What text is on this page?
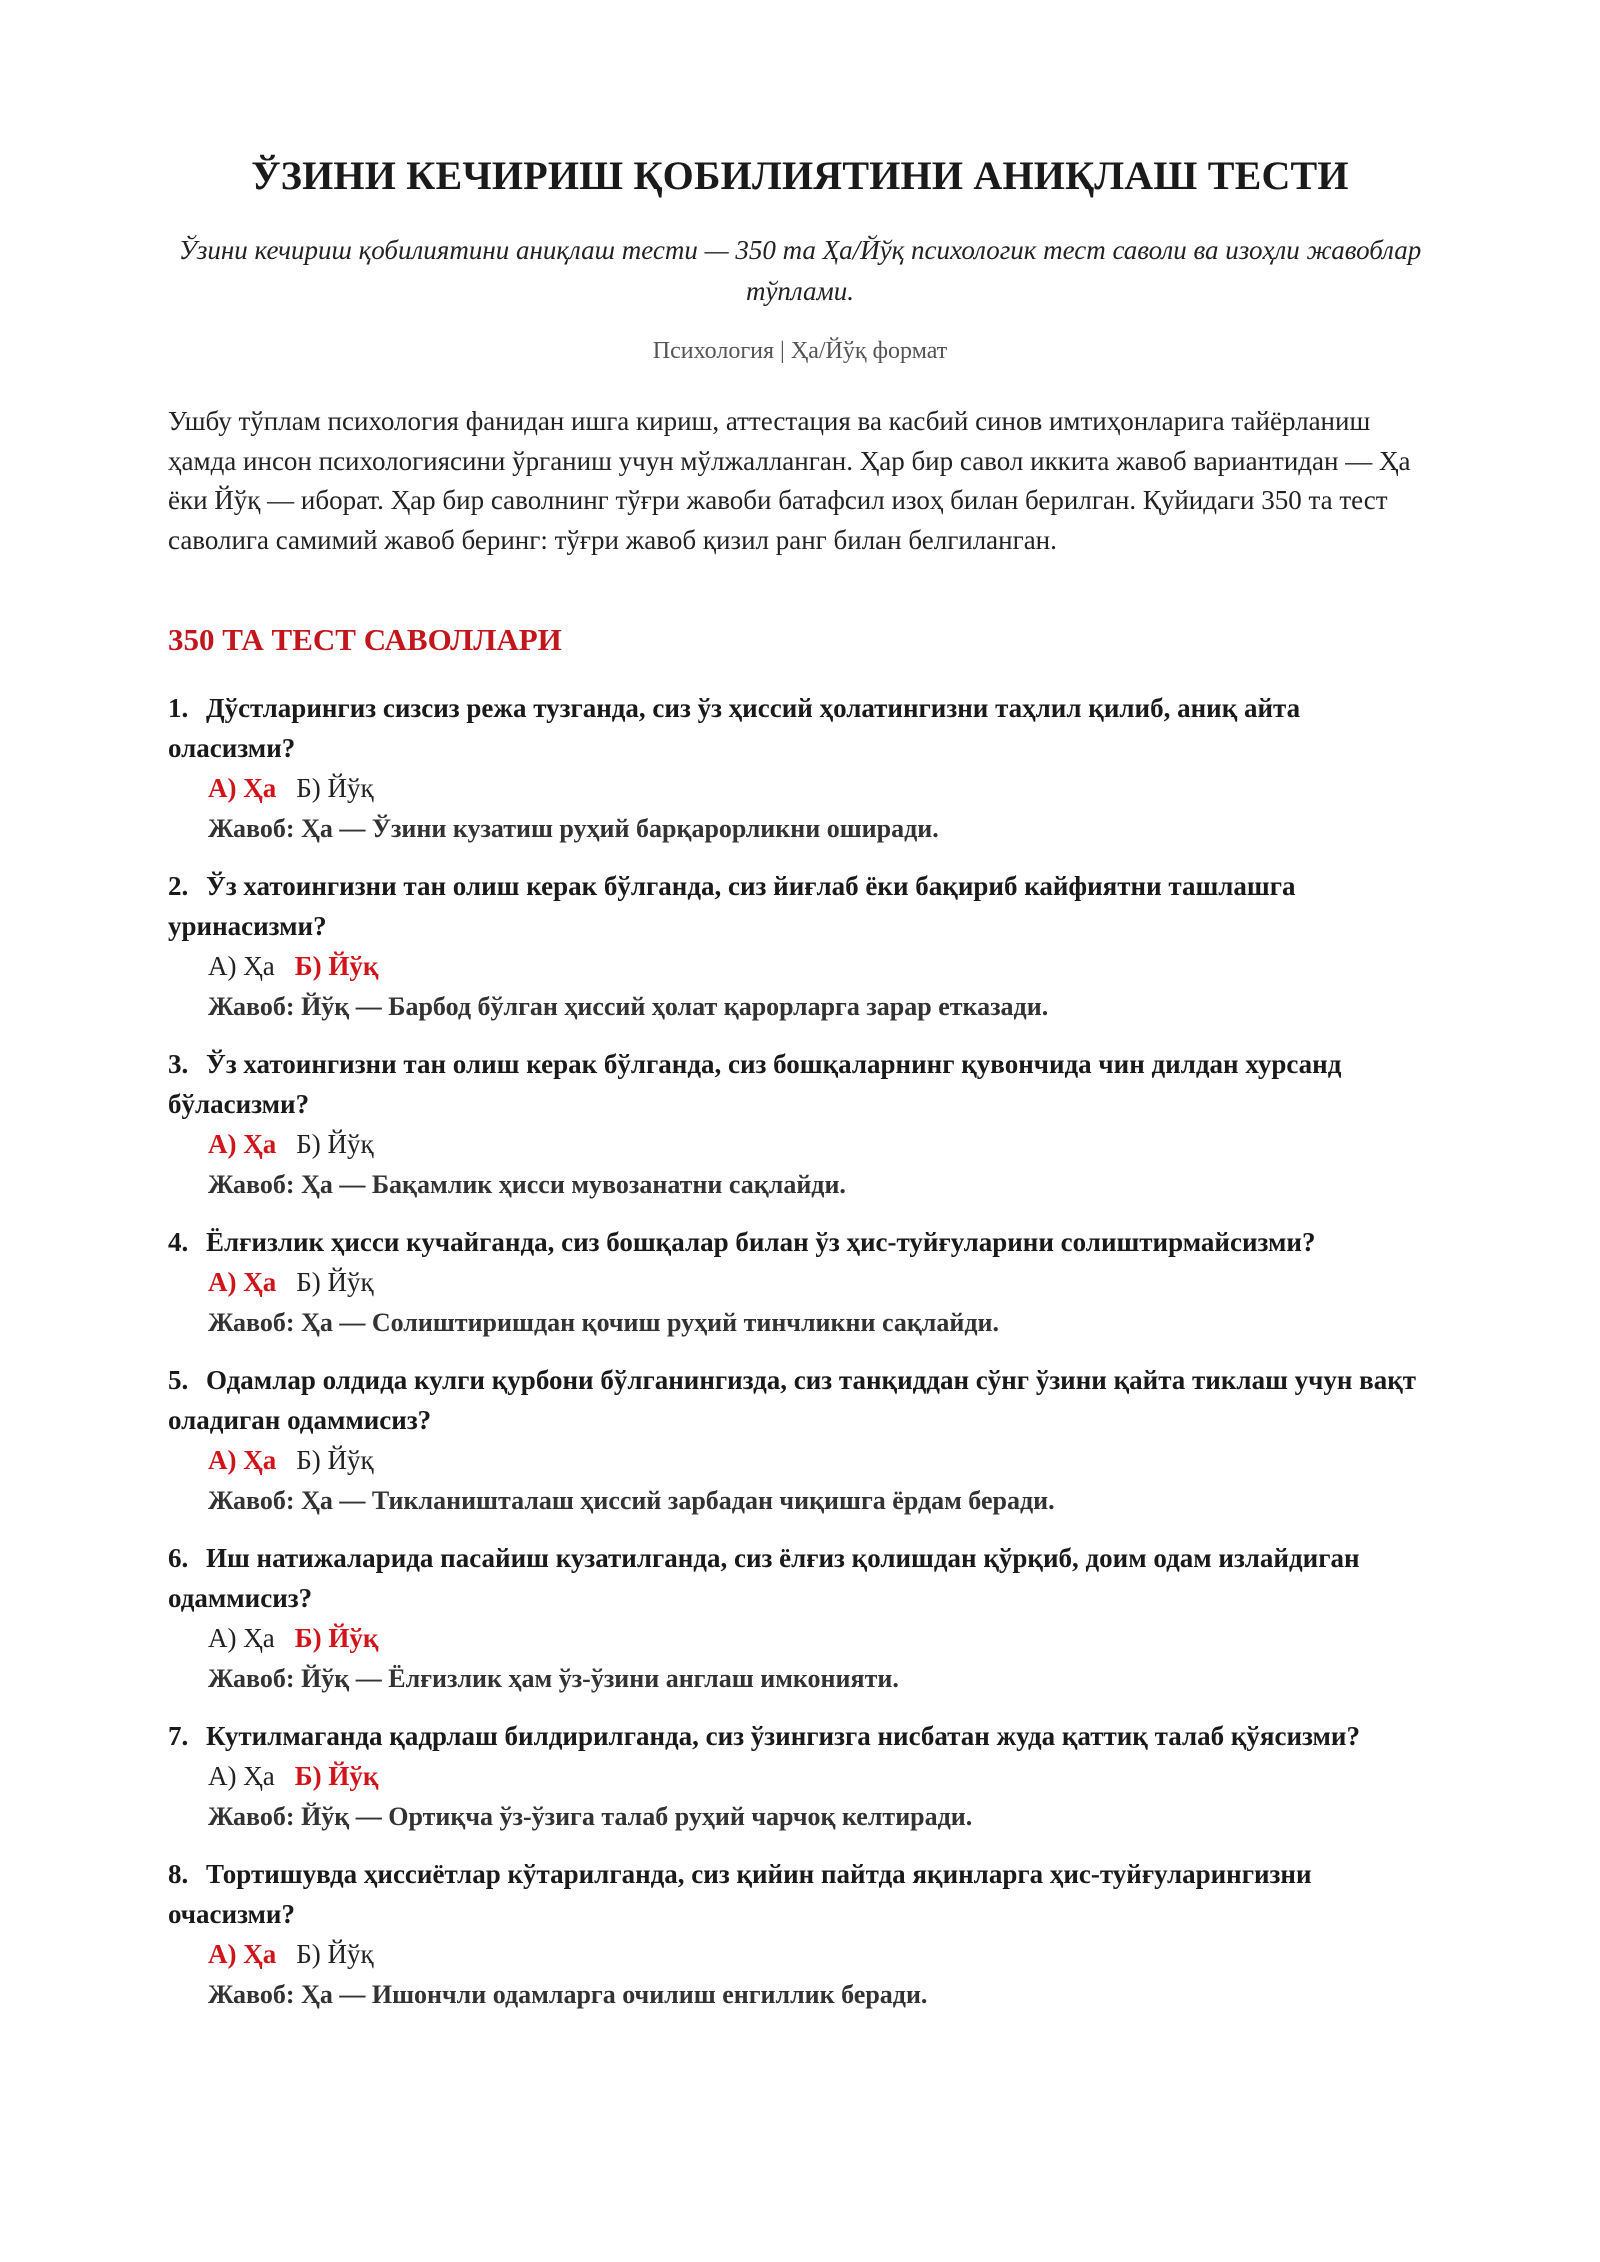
ЎЗИНИ КЕЧИРИШ ҚОБИЛИЯТИНИ АНИҚЛАШ ТЕСТИ

Ўзини кечириш қобилиятини аниқлаш тести — 350 та Ҳа/Йўқ психологик тест саволи ва изоҳли жавоблар тўплами.

Психология | Ҳа/Йўқ формат

Ушбу тўплам психология фанидан ишга кириш, аттестация ва касбий синов имтиҳонларига тайёрланиш ҳамда инсон психологиясини ўрганиш учун мўлжалланган. Ҳар бир савол иккита жавоб вариантидан — Ҳа ёки Йўқ — иборат. Ҳар бир саволнинг тўғри жавоби батафсил изоҳ билан берилган. Қуйидаги 350 та тест саволига самимий жавоб беринг: тўғри жавоб қизил ранг билан белгиланган.

350 ТА ТЕСТ САВОЛЛАРИ
1. Дўстларингиз сизсиз режа тузганда, сиз ўз ҳиссий ҳолатингизни таҳлил қилиб, аниқ айта оласизми?
А) Ҳа Б) Йўқ
Жавоб: Ҳа — Ўзини кузатиш руҳий барқарорликни оширади.
2. Ўз хатоингизни тан олиш керак бўлганда, сиз йиғлаб ёки бақириб кайфиятни ташлашга уринасизми?
А) Ҳа Б) Йўқ
Жавоб: Йўқ — Барбод бўлган ҳиссий ҳолат қарорларга зарар етказади.
3. Ўз хатоингизни тан олиш керак бўлганда, сиз бошқаларнинг қувончида чин дилдан хурсанд бўласизми?
А) Ҳа Б) Йўқ
Жавоб: Ҳа — Бақамлик ҳисси мувозанатни сақлайди.
4. Ёлғизлик ҳисси кучайганда, сиз бошқалар билан ўз ҳис-туйғуларини солиштирмайсизми?
А) Ҳа Б) Йўқ
Жавоб: Ҳа — Солиштиришдан қочиш руҳий тинчликни сақлайди.
5. Одамлар олдида кулги қурбони бўлганингизда, сиз танқиддан сўнг ўзини қайта тиклаш учун вақт оладиган одаммисиз?
А) Ҳа Б) Йўқ
Жавоб: Ҳа — Тикланишталаш ҳиссий зарбадан чиқишга ёрдам беради.
6. Иш натижаларида пасайиш кузатилганда, сиз ёлғиз қолишдан қўрқиб, доим одам излайдиган одаммисиз?
А) Ҳа Б) Йўқ
Жавоб: Йўқ — Ёлғизлик ҳам ўз-ўзини англаш имконияти.
7. Кутилмаганда қадрлаш билдирилганда, сиз ўзингизга нисбатан жуда қаттиқ талаб қўясизми?
А) Ҳа Б) Йўқ
Жавоб: Йўқ — Ортиқча ўз-ўзига талаб руҳий чарчоқ келтиради.
8. Тортишувда ҳиссиётлар кўтарилганда, сиз қийин пайтда яқинларга ҳис-туйғуларингизни очасизми?
А) Ҳа Б) Йўқ
Жавоб: Ҳа — Ишончли одамларга очилиш енгиллик беради.
